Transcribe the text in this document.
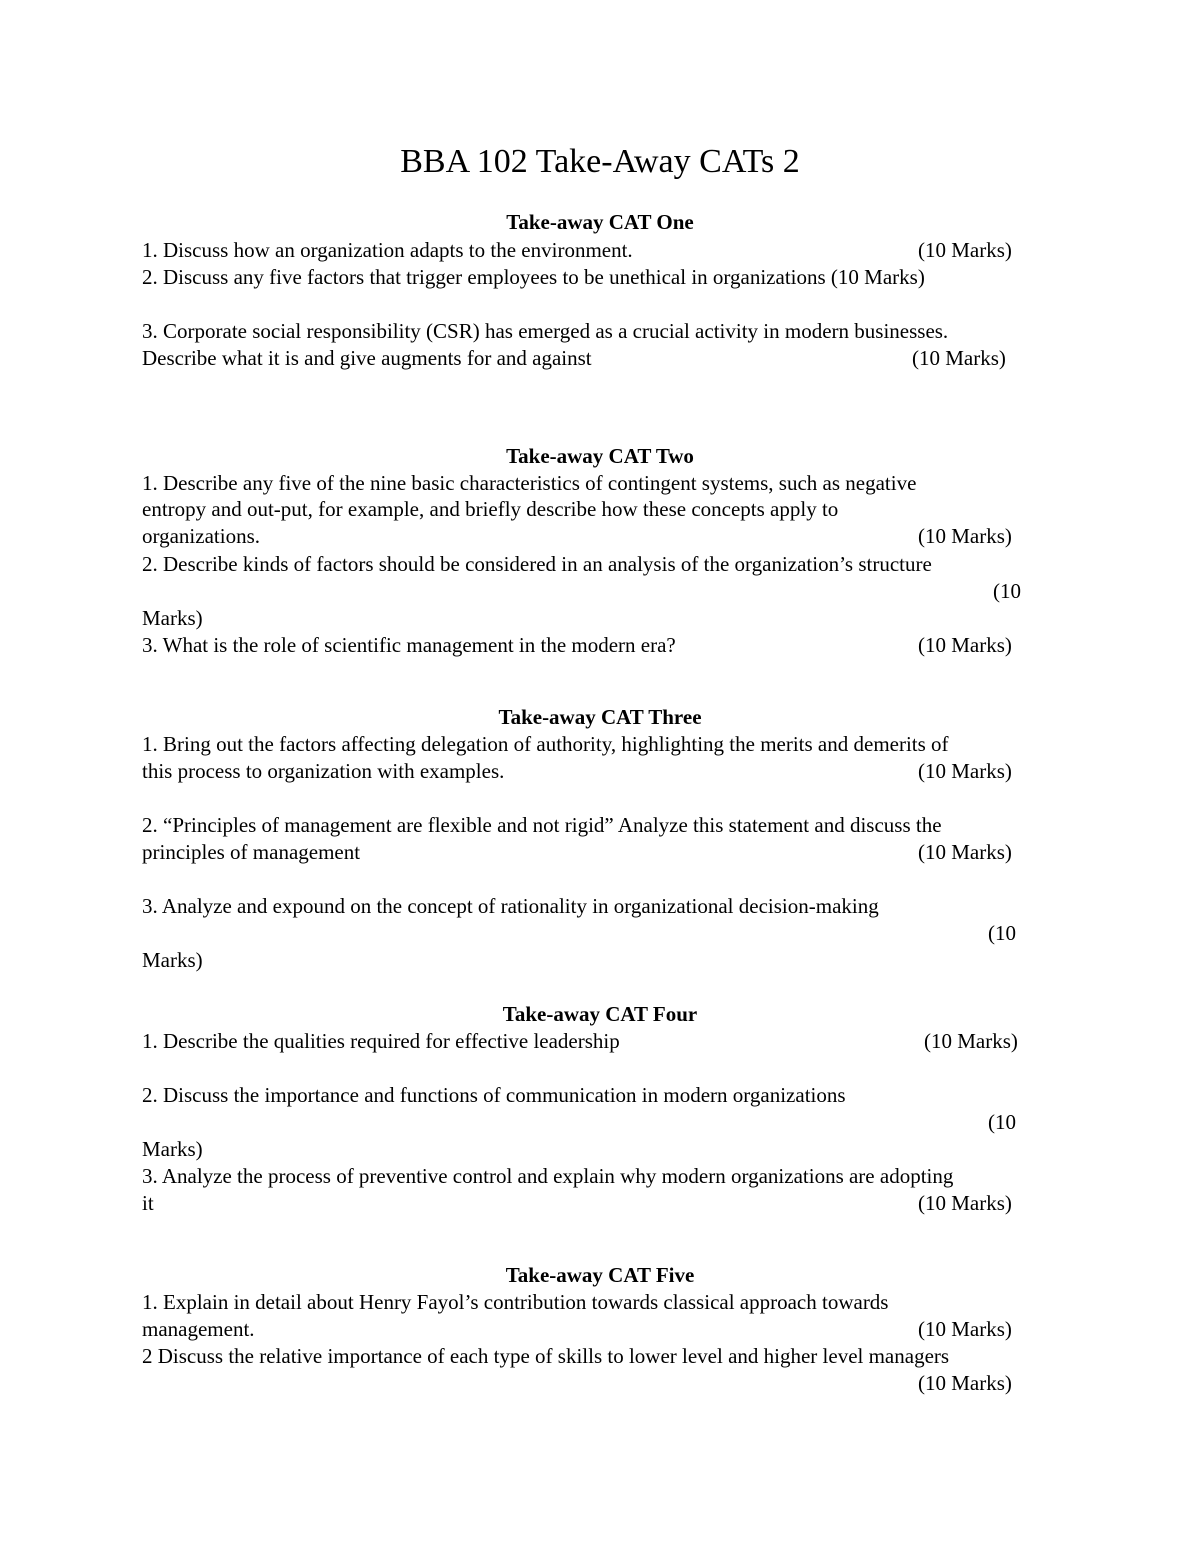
BBA 102 Take-Away CATs 2
Take-away CAT One
1. Discuss how an organization adapts to the environment.	(10 Marks)
2. Discuss any five factors that trigger employees to be unethical in organizations (10 Marks)
3. Corporate social responsibility (CSR) has emerged as a crucial activity in modern businesses.
Describe what it is and give augments for and against	(10 Marks)
Take-away CAT Two
1. Describe any five of the nine basic characteristics of contingent systems, such as negative
entropy and out-put, for example, and briefly describe how these concepts apply to
organizations.	(10 Marks)
2. Describe kinds of factors should be considered in an analysis of the organization’s structure
(10
Marks)
3. What is the role of scientific management in the modern era?	(10 Marks)
Take-away CAT Three
1. Bring out the factors affecting delegation of authority, highlighting the merits and demerits of
this process to organization with examples.	(10 Marks)
2. “Principles of management are flexible and not rigid” Analyze this statement and discuss the
principles of management	(10 Marks)
3. Analyze and expound on the concept of rationality in organizational decision-making
(10
Marks)
Take-away CAT Four
1. Describe the qualities required for effective leadership	(10 Marks)
2. Discuss the importance and functions of communication in modern organizations
(10
Marks)
3. Analyze the process of preventive control and explain why modern organizations are adopting
it	(10 Marks)
Take-away CAT Five
1. Explain in detail about Henry Fayol’s contribution towards classical approach towards
management.	(10 Marks)
2 Discuss the relative importance of each type of skills to lower level and higher level managers
(10 Marks)
